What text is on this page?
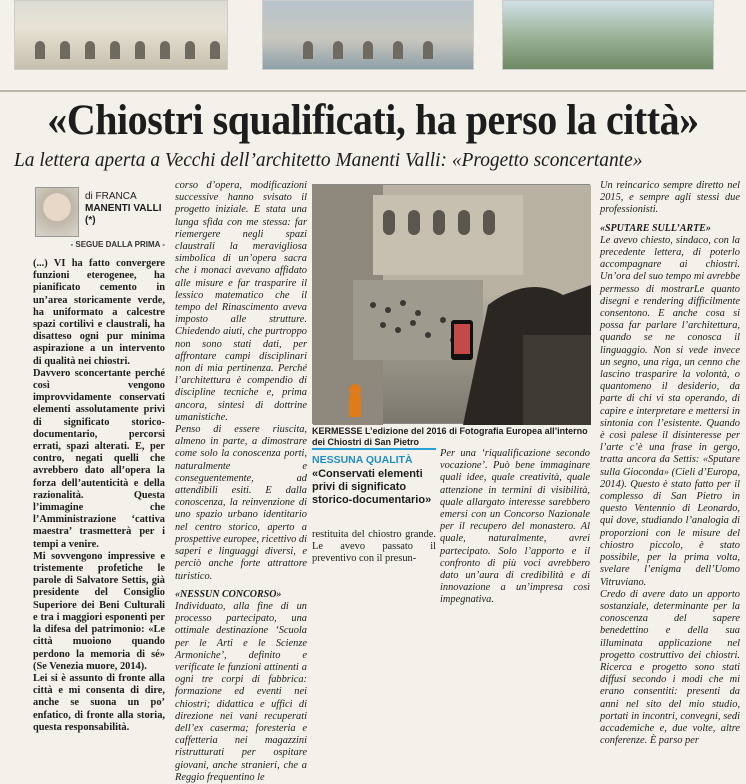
«Chiostri squalificati, ha perso la città»
La lettera aperta a Vecchi dell’architetto Manenti Valli: «Progetto sconcertante»
di FRANCA
MANENTI VALLI (*)
- SEGUE DALLA PRIMA -

(...) VI ha fatto convergere funzioni eterogenee, ha pianificato cemento in un’area storicamente verde, ha uniformato a calcestre spazi cortilivi e claustrali, ha disatteso ogni pur minima aspirazione a un intervento di qualità nei chiostri.

Davvero sconcertante perché così vengono improvvidamente conservati elementi assolutamente privi di significato storico-documentario, percorsi errati, spazi alterati. E, per contro, negati quelli che avrebbero dato all’opera la forza dell’autenticità e della razionalità. Questa l’immagine che l’Amministrazione ‘cattiva maestra’ trasmetterà per i tempi a venire.

Mi sovvengono impressive e tristemente profetiche le parole di Salvatore Settis, già presidente del Consiglio Superiore dei Beni Culturali e tra i maggiori esponenti per la difesa del patrimonio: «Le città muoiono quando perdono la memoria di sé» (Se Venezia muore, 2014).

Lei si è assunto di fronte alla città e mi consenta di dire, anche se suona un po’ enfatico, di fronte alla storia, questa responsabilità.

corso d’opera, modificazioni successive hanno svisato il progetto iniziale. E stata una lunga sfida con me stessa: far riemergere negli spazi claustrali la meravigliosa simbolica di un’opera sacra che i monaci avevano affidato alle misure e far trasparire il lessico matematico che il tempo del Rinascimento aveva imposto alle strutture. Chiedendo aiuti, che purtroppo non sono stati dati, per affrontare campi disciplinari non di mia pertinenza. Perché l’architettura è compendio di discipline tecniche e, prima ancora, sintesi di dottrine umanistiche.

Penso di essere riuscita, almeno in parte, a dimostrare come solo la conoscenza porti, naturalmente e conseguentemente, ad attendibili esiti. E dalla conoscenza, la reinvenzione di uno spazio urbano identitario nel centro storico, aperto a prospettive europee, ricettivo di saperi e linguaggi diversi, e perciò anche forte attrattore turistico.

«NESSUN CONCORSO»

Individuato, alla fine di un processo partecipato, una ottimale destinazione ‘Scuola per le Arti e le Scienze Armoniche’, definito e verificate le funzioni attinenti a ogni tre corpi di fabbrica: formazione ed eventi nei chiostri; didattica e uffici di direzione nei vani recuperati dell’ex caserma; foresteria e caffetteria nei magazzini ristrutturati per ospitare giovani, anche stranieri, che a Reggio frequentino le

KERMESSE L’edizione del 2016 di Fotografia Europea all’interno dei Chiostri di San Pietro
NESSUNA QUALITÀ
«Conservati elementi privi di significato storico-documentario»
restituita del chiostro grande. Le avevo passato il preventivo con il presun-

Per una ‘riqualificazione secondo vocazione’. Può bene immaginare quali idee, quale creatività, quale attenzione in termini di visibilità, quale allargato interesse sarebbero emersi con un Concorso Nazionale per il recupero del monastero. Al quale, naturalmente, avrei partecipato. Solo l’apporto e il confronto di più voci avrebbero dato un’aura di credibilità e di innovazione a un’impresa così impegnativa.

Un reincarico sempre diretto nel 2015, e sempre agli stessi due professionisti.

«SPUTARE SULL’ARTE»

Le avevo chiesto, sindaco, con la precedente lettera, di poterlo accompagnare ai chiostri. Un’ora del suo tempo mi avrebbe permesso di mostrarLe quanto disegni e rendering difficilmente consentono. E anche cosa si possa far parlare l’architettura, quando se ne conosca il linguaggio. Non si vede invece un segno, una riga, un cenno che lascino trasparire la volontà, o quantomeno il desiderio, da parte di chi vi sta operando, di capire e interpretare e mettersi in sintonia con l’esistente. Quando è così palese il disinteresse per l’arte c’è una frase in gergo, tratta ancora da Settis: «Sputare sulla Gioconda» (Cieli d’Europa, 2014). Questo è stato fatto per il complesso di San Pietro in questo Ventennio di Leonardo, qui dove, studiando l’analogia di proporzioni con le misure del chiostro piccolo, è stato possibile, per la prima volta, svelare l’enigma dell’Uomo Vitruviano.

Credo di avere dato un apporto sostanziale, determinante per la conoscenza del sapere benedettino e della sua illuminata applicazione nel progetto costruttivo dei chiostri. Ricerca e progetto sono stati diffusi secondo i modi che mi erano consentiti: presenti da anni nel sito del mio studio, portati in incontri, convegni, sedi accademiche e, due volte, altre conferenze. È parso per
